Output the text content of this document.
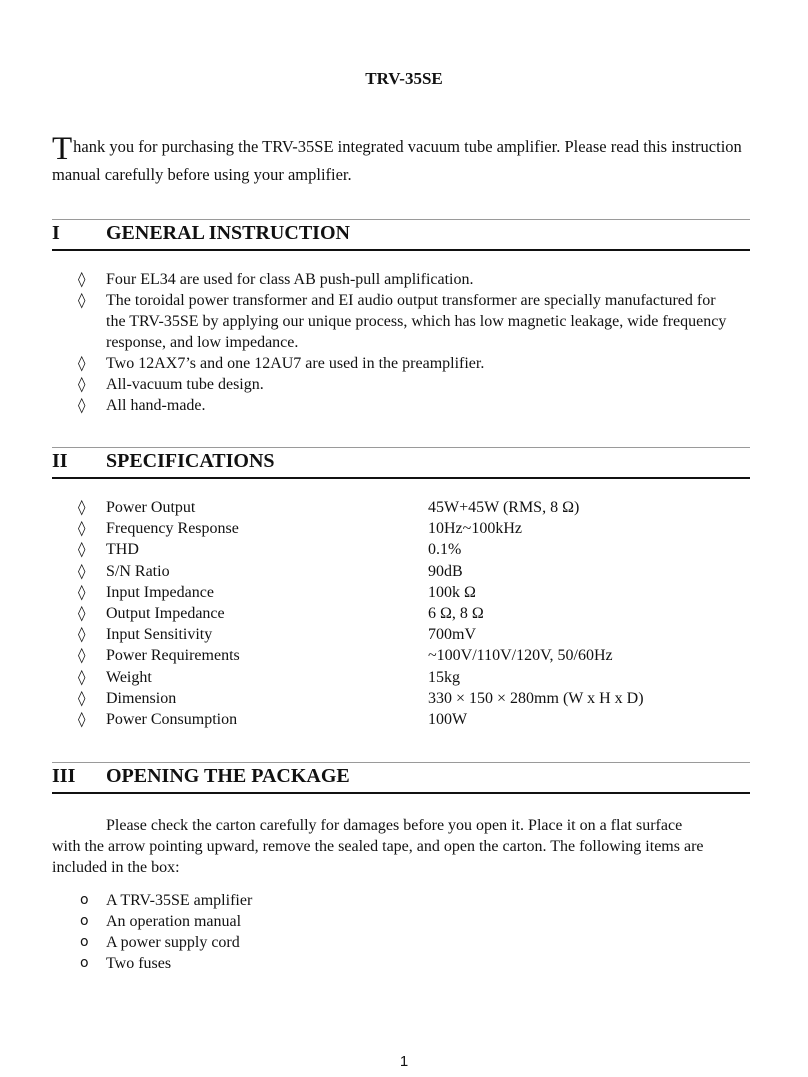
TRV-35SE
Thank you for purchasing the TRV-35SE integrated vacuum tube amplifier. Please read this instruction manual carefully before using your amplifier.
I GENERAL INSTRUCTION
◊ Four EL34 are used for class AB push-pull amplification.
◊ The toroidal power transformer and EI audio output transformer are specially manufactured for the TRV-35SE by applying our unique process, which has low magnetic leakage, wide frequency response, and low impedance.
◊ Two 12AX7’s and one 12AU7 are used in the preamplifier.
◊ All-vacuum tube design.
◊ All hand-made.
II SPECIFICATIONS
◊ Power Output	45W+45W (RMS, 8 Ω)
◊ Frequency Response	10Hz~100kHz
◊ THD	0.1%
◊ S/N Ratio	90dB
◊ Input Impedance	100k Ω
◊ Output Impedance	6 Ω, 8 Ω
◊ Input Sensitivity	700mV
◊ Power Requirements	~100V/110V/120V, 50/60Hz
◊ Weight	15kg
◊ Dimension	330 × 150 × 280mm (W x H x D)
◊ Power Consumption	100W
III OPENING THE PACKAGE
Please check the carton carefully for damages before you open it. Place it on a flat surface with the arrow pointing upward, remove the sealed tape, and open the carton. The following items are included in the box:
o A TRV-35SE amplifier
o An operation manual
o A power supply cord
o Two fuses
1
